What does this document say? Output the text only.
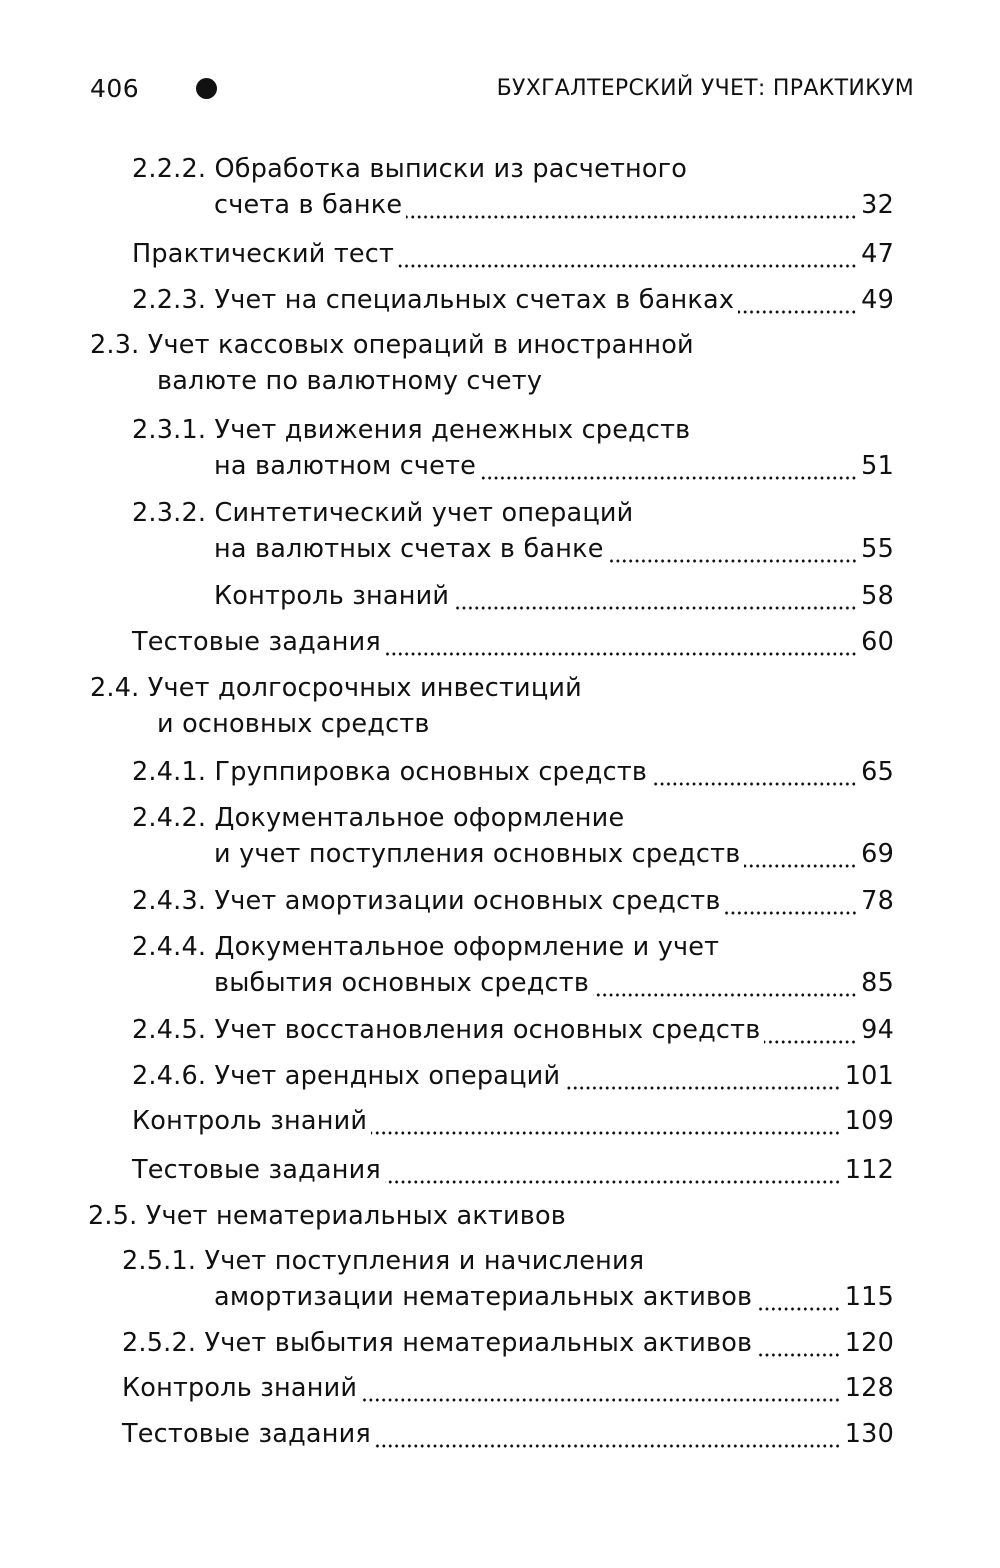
406	БУХГАЛТЕРСКИЙ УЧЕТ: ПРАКТИКУМ
2.2.2. Обработка выписки из расчетного
счета в банке	32
Практический тест	47
2.2.3. Учет на специальных счетах в банках	49
2.3. Учет кассовых операций в иностранной
валюте по валютному счету
2.3.1. Учет движения денежных средств
на валютном счете	51
2.3.2. Синтетический учет операций
на валютных счетах в банке	55
Контроль знаний	58
Тестовые задания	60
2.4. Учет долгосрочных инвестиций
и основных средств
2.4.1. Группировка основных средств	65
2.4.2. Документальное оформление
и учет поступления основных средств	69
2.4.3. Учет амортизации основных средств	78
2.4.4. Документальное оформление и учет
выбытия основных средств	85
2.4.5. Учет восстановления основных средств	94
2.4.6. Учет арендных операций	101
Контроль знаний	109
Тестовые задания	112
2.5. Учет нематериальных активов
2.5.1. Учет поступления и начисления
амортизации нематериальных активов	115
2.5.2. Учет выбытия нематериальных активов	120
Контроль знаний	128
Тестовые задания	130
